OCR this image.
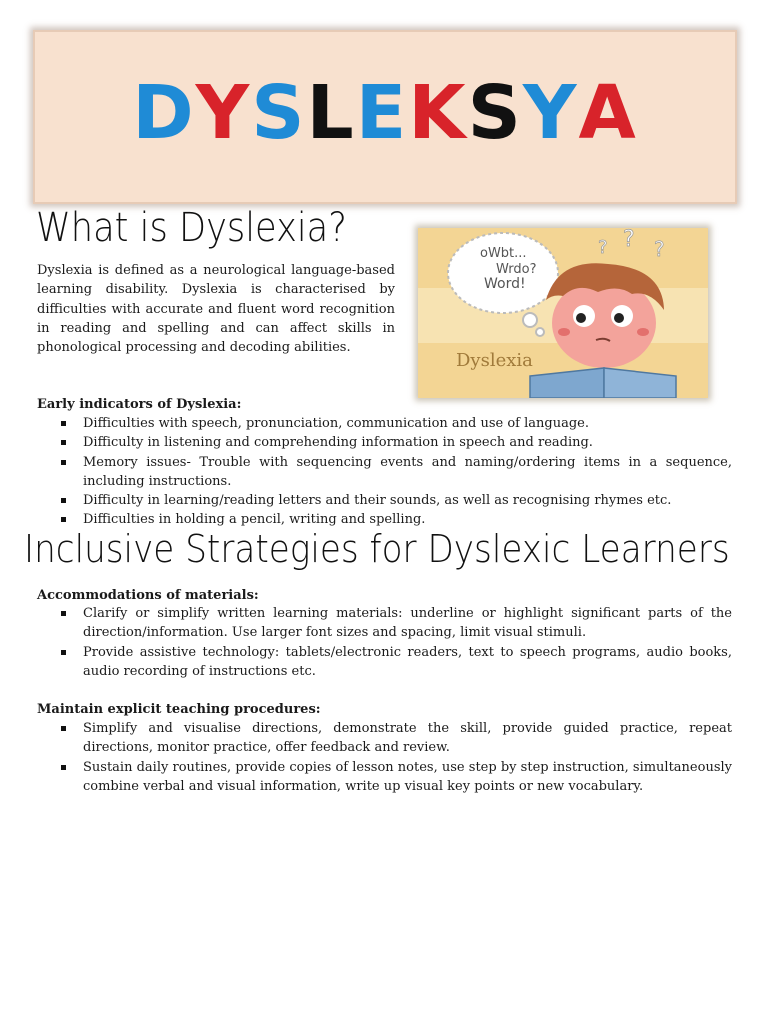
DYSLEKSYA
What is Dyslexia?

Dyslexia is defined as a neurological language-based learning disability. Dyslexia is characterised by difficulties with accurate and fluent word recognition in reading and spelling and can affect skills in phonological processing and decoding abilities.

oWbt...
Wrdo?
Word!
? ? ?
Dyslexia
Early indicators of Dyslexia:
Difficulties with speech, pronunciation, communication and use of language.
Difficulty in listening and comprehending information in speech and reading.
Memory issues- Trouble with sequencing events and naming/ordering items in a sequence, including instructions.
Difficulty in learning/reading letters and their sounds, as well as recognising rhymes etc.
Difficulties in holding a pencil, writing and spelling.
Inclusive Strategies for Dyslexic Learners
Accommodations of materials:
Clarify or simplify written learning materials: underline or highlight significant parts of the direction/information. Use larger font sizes and spacing, limit visual stimuli.
Provide assistive technology: tablets/electronic readers, text to speech programs, audio books, audio recording of instructions etc.
Maintain explicit teaching procedures:
Simplify and visualise directions, demonstrate the skill, provide guided practice, repeat directions, monitor practice, offer feedback and review.
Sustain daily routines, provide copies of lesson notes, use step by step instruction, simultaneously combine verbal and visual information, write up visual key points or new vocabulary.
